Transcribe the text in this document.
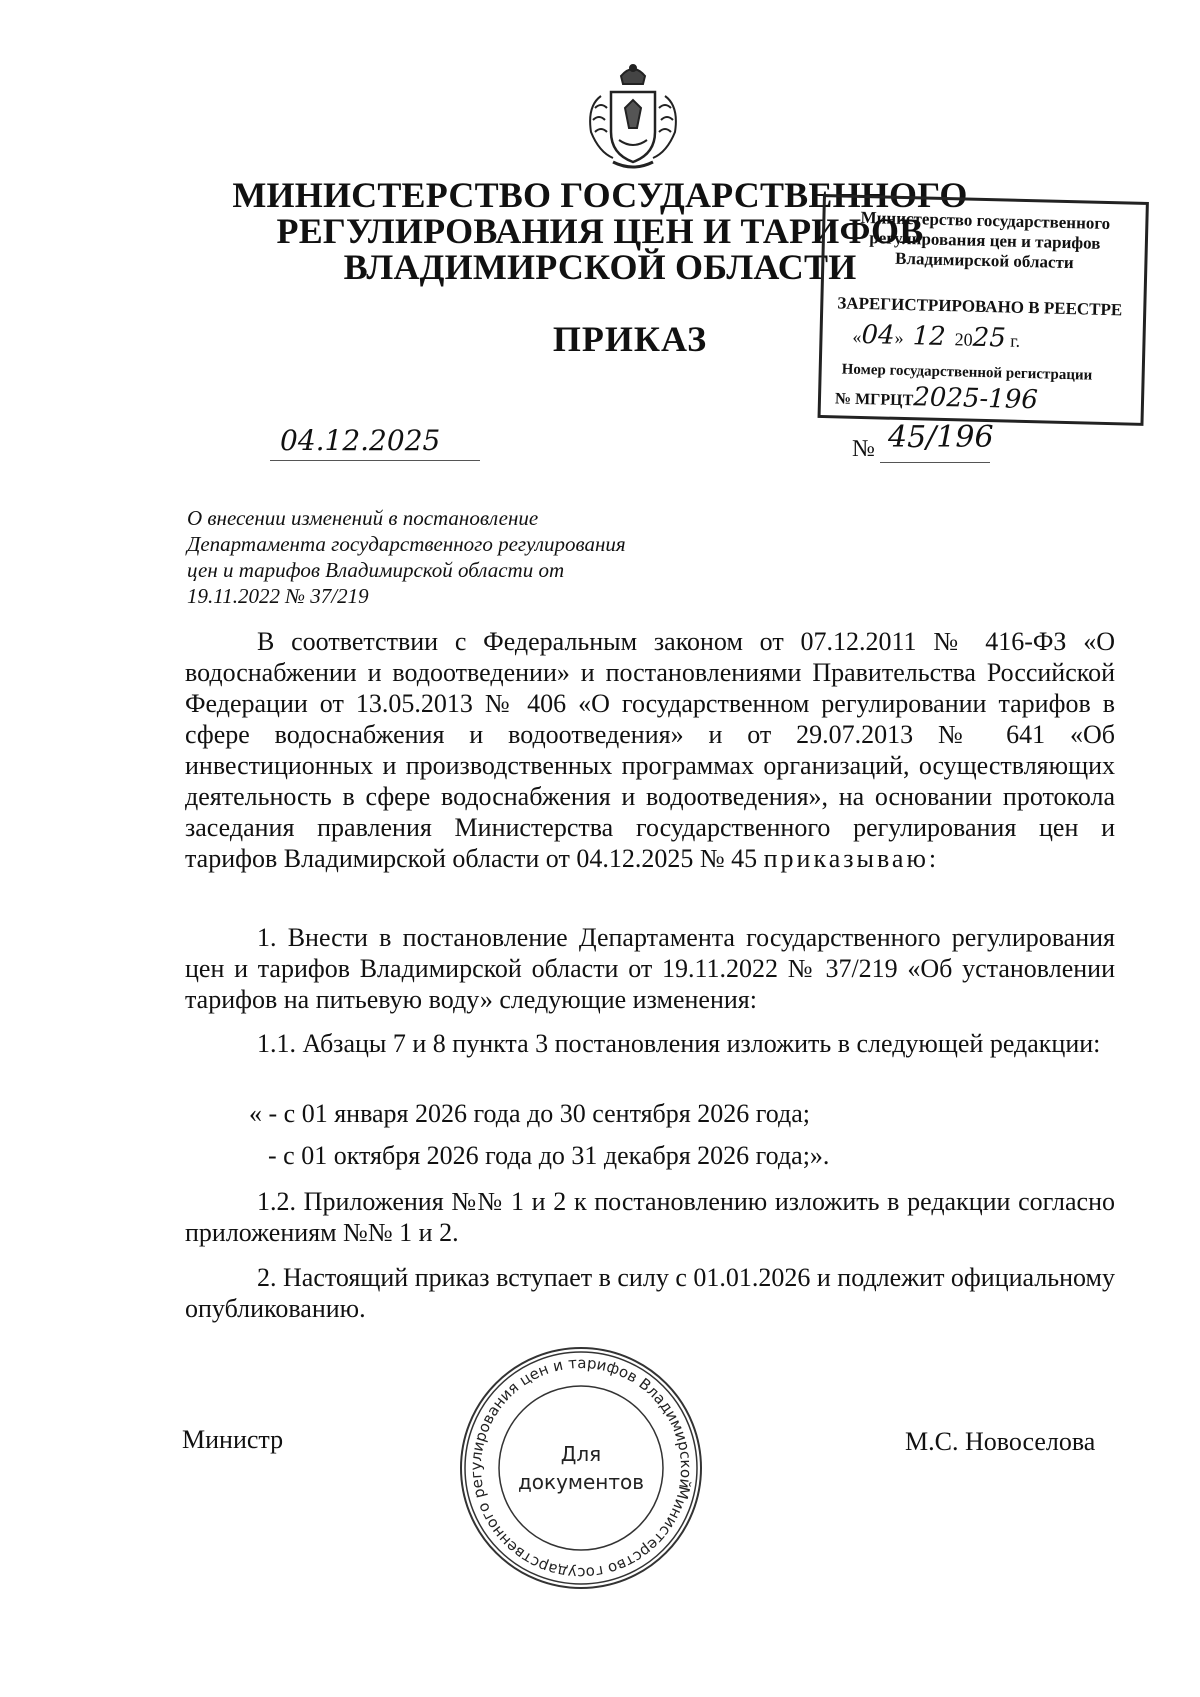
МИНИСТЕРСТВО ГОСУДАРСТВЕННОГО
РЕГУЛИРОВАНИЯ ЦЕН И ТАРИФОВ
ВЛАДИМИРСКОЙ ОБЛАСТИ
ПРИКАЗ
Министерство государственного
регулирования цен и тарифов
Владимирской области
ЗАРЕГИСТРИРОВАНО В РЕЕСТРЕ
«04»  12 2025 г.
Номер государственной регистрации
№ МГРЦТ2025-196
04.12.2025	№ 45/196
О внесении изменений в постановление Департамента государственного регулирования цен и тарифов Владимирской области от 19.11.2022 № 37/219
В соответствии с Федеральным законом от 07.12.2011 № 416-ФЗ «О водоснабжении и водоотведении» и постановлениями Правительства Российской Федерации от 13.05.2013 № 406 «О государственном регулировании тарифов в сфере водоснабжения и водоотведения» и от 29.07.2013 № 641 «Об инвестиционных и производственных программах организаций, осуществляющих деятельность в сфере водоснабжения и водоотведения», на основании протокола заседания правления Министерства государственного регулирования цен и тарифов Владимирской области от 04.12.2025 № 45 приказываю:
1. Внести в постановление Департамента государственного регулирования цен и тарифов Владимирской области от 19.11.2022 № 37/219 «Об установлении тарифов на питьевую воду» следующие изменения:
1.1. Абзацы 7 и 8 пункта 3 постановления изложить в следующей редакции:
« - с 01 января 2026 года до 30 сентября 2026 года;
- с 01 октября 2026 года до 31 декабря 2026 года;».
1.2. Приложения №№ 1 и 2 к постановлению изложить в редакции согласно приложениям №№ 1 и 2.
2. Настоящий приказ вступает в силу с 01.01.2026 и подлежит официальному опубликованию.
Министр	М.С. Новоселова
Министерство государственного регулирования цен и тарифов Владимирской
Для
документов
